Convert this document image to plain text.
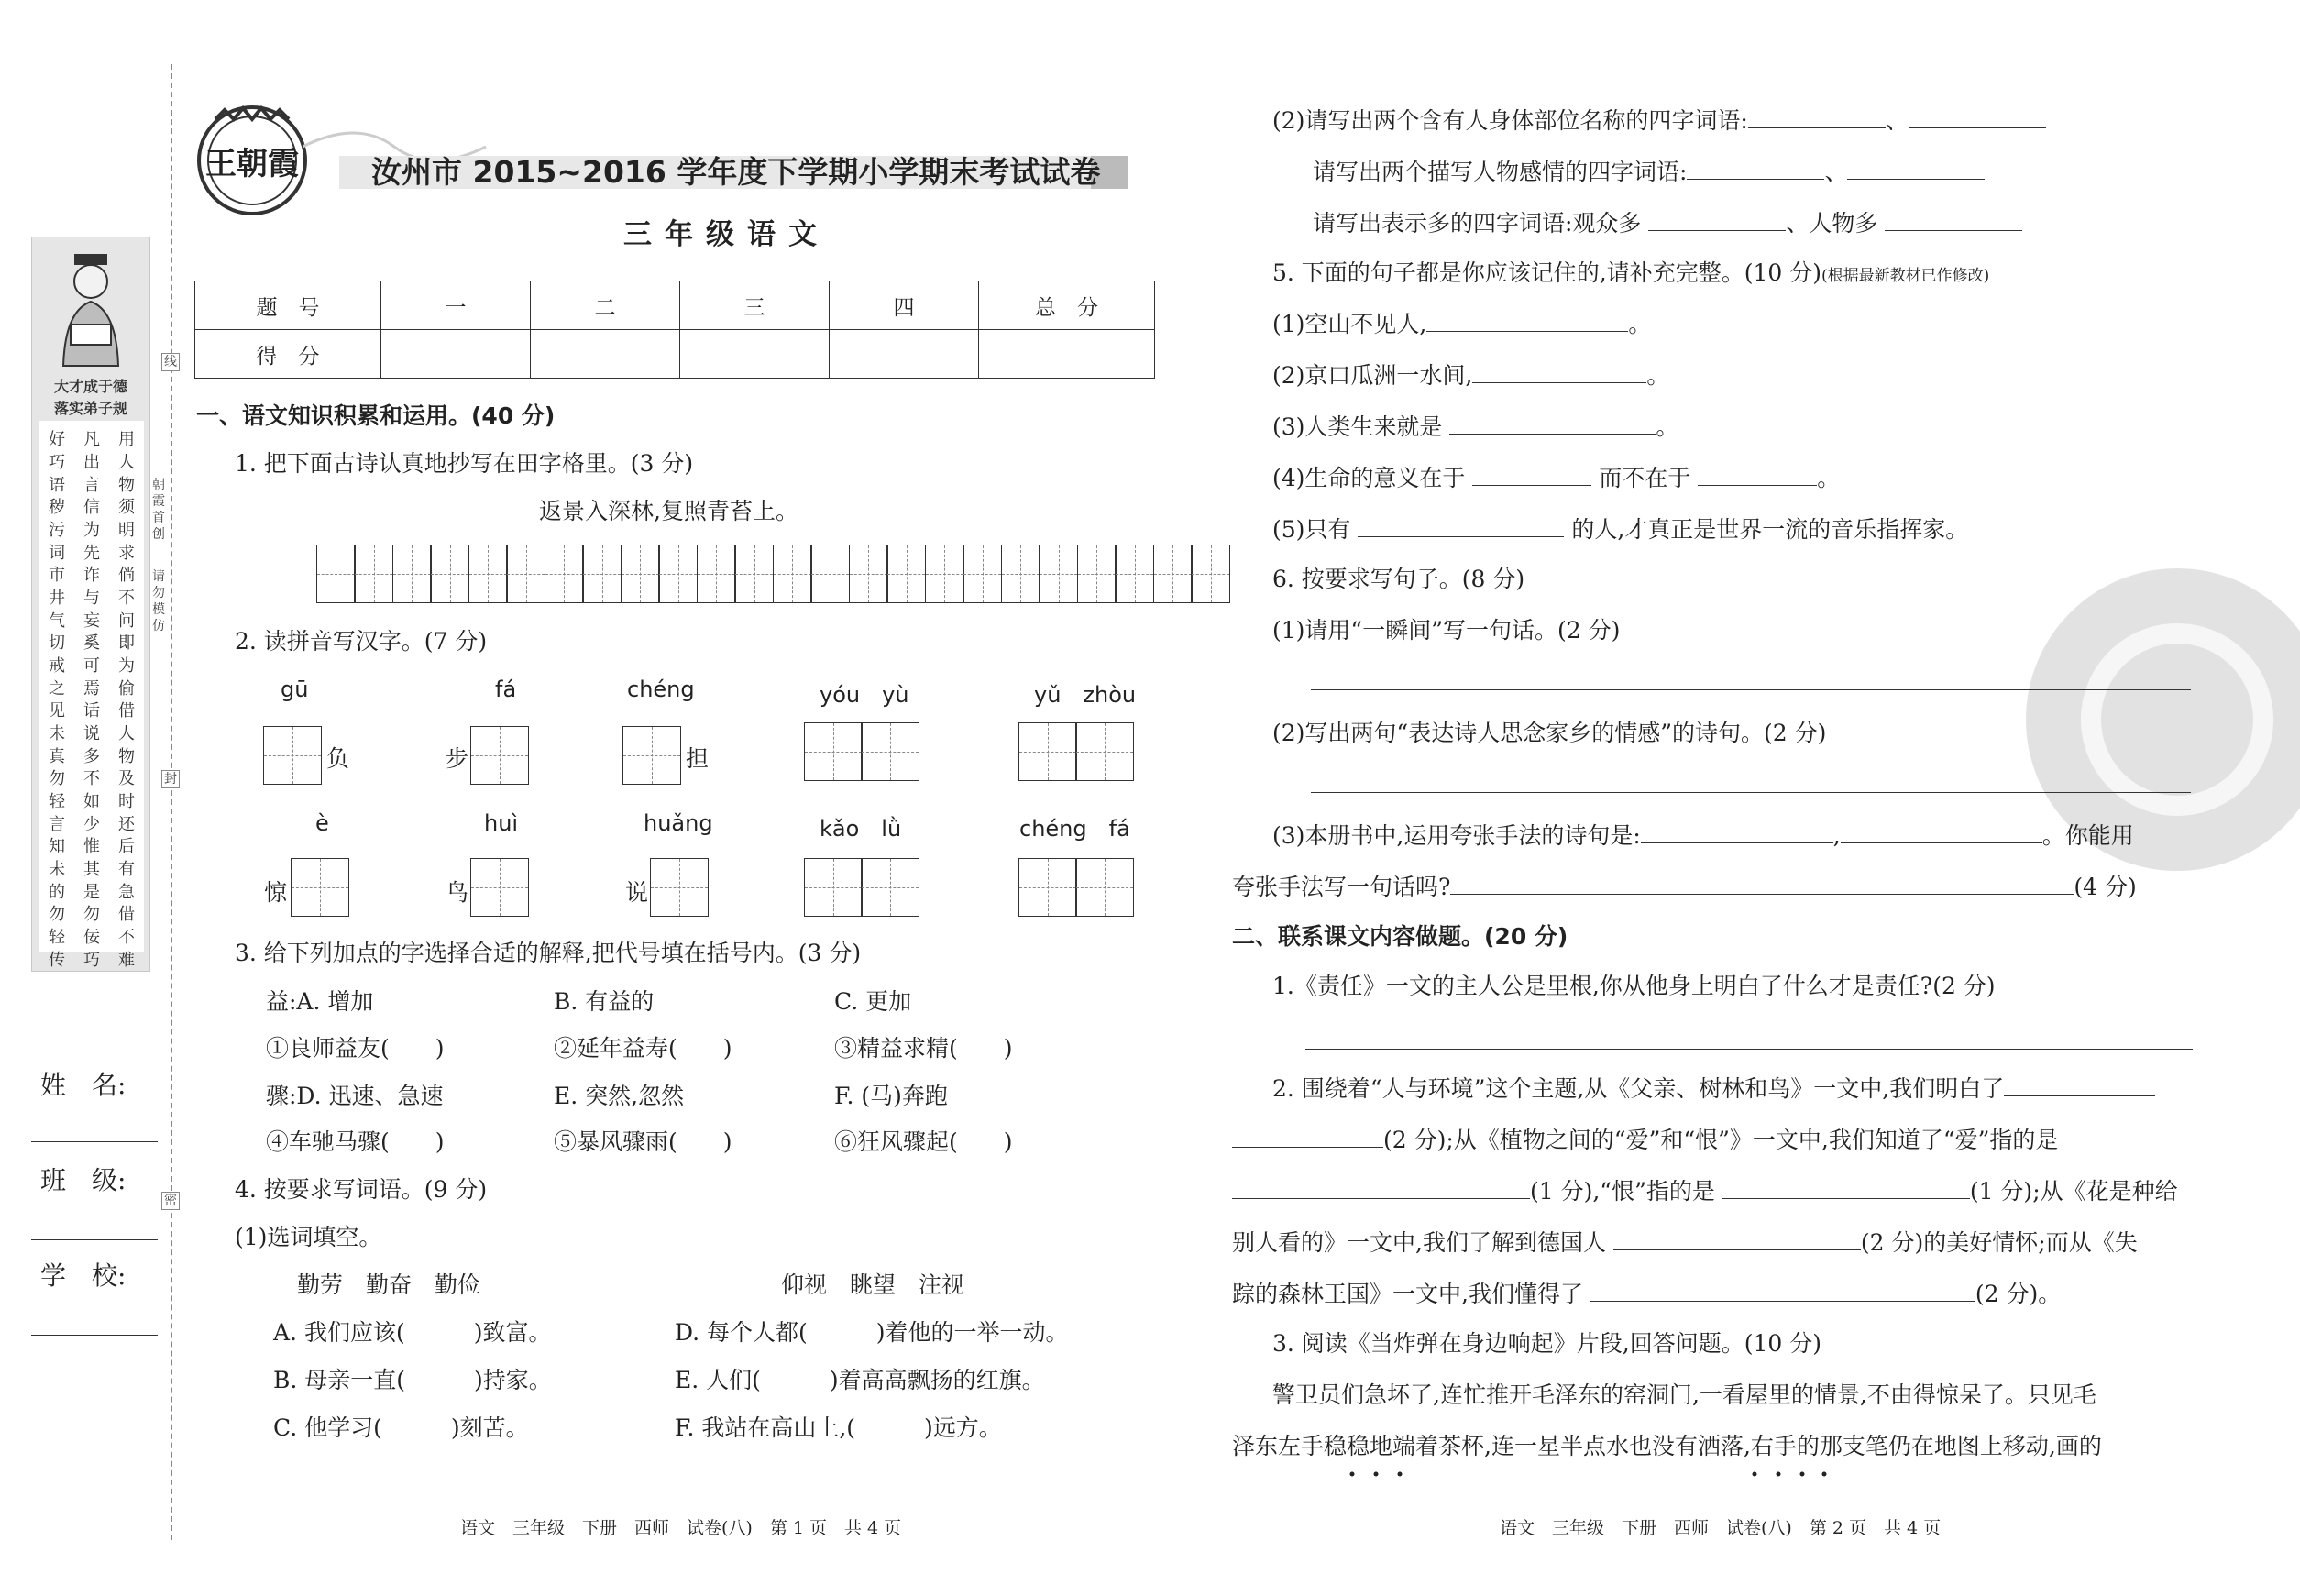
大才成于德
落实弟子规
用人物
须明求
倘不问
即为偷
借人物
及时还
后有急
借不难
好巧语
秽污词
市井气
切戒之
见未真
勿轻言
知未的
勿轻传
凡出言
信为先
诈与妄
奚可焉
话说多
不如少
惟其是
勿佞巧
朝霞首创
请勿模仿
线
封
密
姓　名:
班　级:
学　校:
王朝霞 汝州市 2015~2016 学年度下学期小学期末考试试卷
三年级语文
题　号	一	二	三	四	总　分
得　分					
一、语文知识积累和运用。(40 分)
1. 把下面古诗认真地抄写在田字格里。(3 分)
返景入深林,复照青苔上。
2. 读拼音写汉字。(7 分)
gū	fá	chéng	yóu　yù	yǔ　zhòu
负	步	担
è	huì	huǎng	kǎo　lǜ	chéng　fá
惊	鸟	说
3. 给下列加点的字选择合适的解释,把代号填在括号内。(3 分)
益:A. 增加	B. 有益的	C. 更加
①良师益友(　　)	②延年益寿(　　)	③精益求精(　　)
骤:D. 迅速、急速	E. 突然,忽然	F. (马)奔跑
④车驰马骤(　　)	⑤暴风骤雨(　　)	⑥狂风骤起(　　)
4. 按要求写词语。(9 分)
(1)选词填空。
勤劳　勤奋　勤俭	仰视　眺望　注视
A. 我们应该(　　　)致富。
B. 母亲一直(　　　)持家。
C. 他学习(　　　)刻苦。
D. 每个人都(　　　)着他的一举一动。
E. 人们(　　　)着高高飘扬的红旗。
F. 我站在高山上,(　　　)远方。
语文　三年级　下册　西师　试卷(八)　第 1 页　共 4 页
(2)请写出两个含有人身体部位名称的四字词语:	、
请写出两个描写人物感情的四字词语:	、
请写出表示多的四字词语:观众多	、人物多
5. 下面的句子都是你应该记住的,请补充完整。(10 分)(根据最新教材已作修改)
(1)空山不见人,	。
(2)京口瓜洲一水间,	。
(3)人类生来就是	。
(4)生命的意义在于	而不在于	。
(5)只有	的人,才真正是世界一流的音乐指挥家。
6. 按要求写句子。(8 分)
(1)请用“一瞬间”写一句话。(2 分)
(2)写出两句“表达诗人思念家乡的情感”的诗句。(2 分)
(3)本册书中,运用夸张手法的诗句是:	,	。你能用
夸张手法写一句话吗?	(4 分)
二、联系课文内容做题。(20 分)
1.《责任》一文的主人公是里根,你从他身上明白了什么才是责任?(2 分)
2. 围绕着“人与环境”这个主题,从《父亲、树林和鸟》一文中,我们明白了
(2 分);从《植物之间的“爱”和“恨”》一文中,我们知道了“爱”指的是
(1 分),“恨”指的是	(1 分);从《花是种给
别人看的》一文中,我们了解到德国人	(2 分)的美好情怀;而从《失
踪的森林王国》一文中,我们懂得了	(2 分)。
3. 阅读《当炸弹在身边响起》片段,回答问题。(10 分)
警卫员们急坏了,连忙推开毛泽东的窑洞门,一看屋里的情景,不由得惊呆了。只见毛
泽东左手稳稳地端着茶杯,连一星半点水也没有洒落,右手的那支笔仍在地图上移动,画的
语文　三年级　下册　西师　试卷(八)　第 2 页　共 4 页
